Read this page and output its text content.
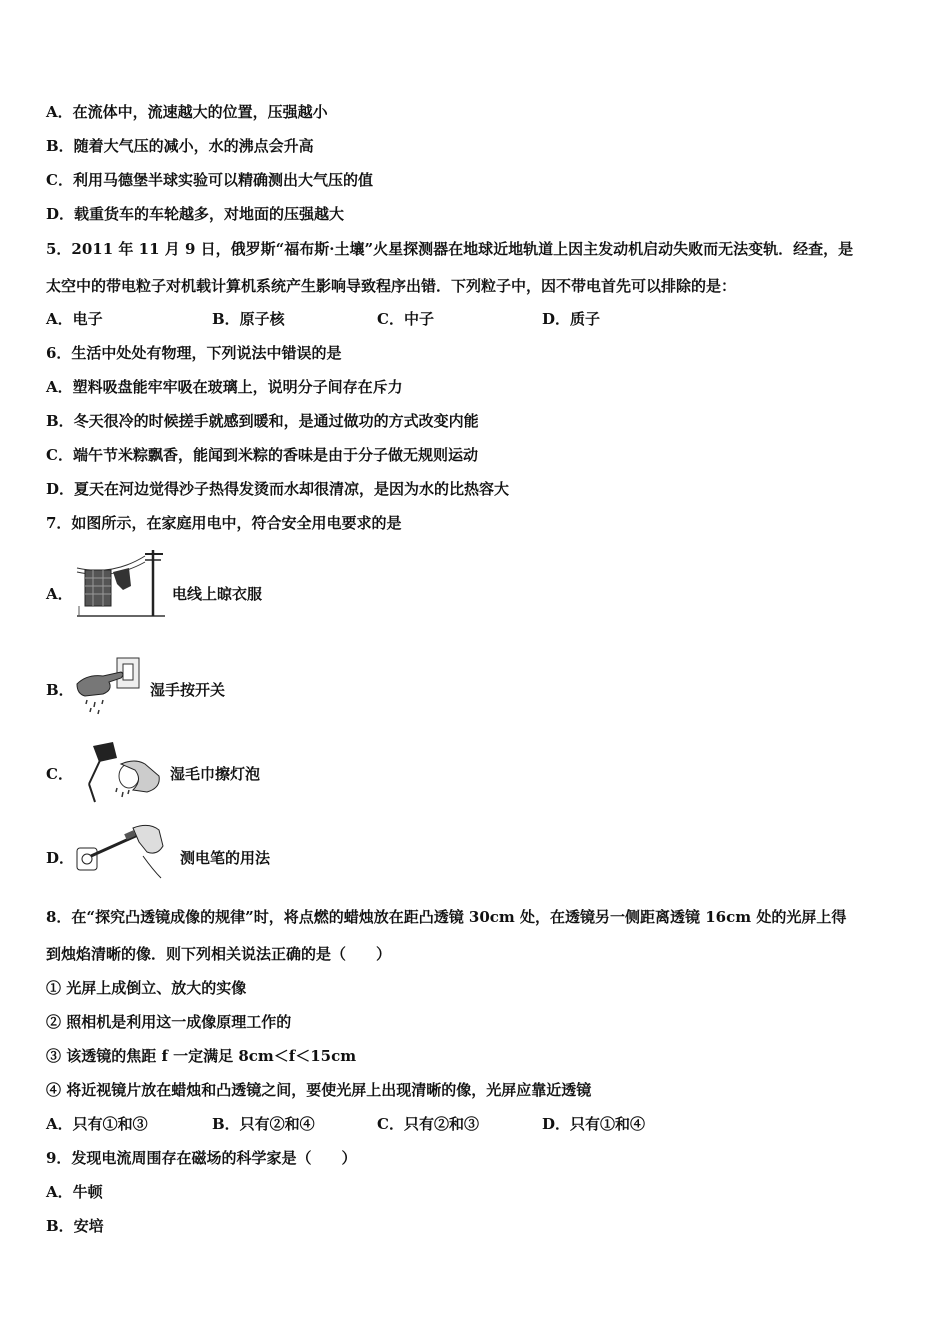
A．在流体中，流速越大的位置，压强越小
B．随着大气压的减小，水的沸点会升高
C．利用马德堡半球实验可以精确测出大气压的值
D．载重货车的车轮越多，对地面的压强越大
5．2011 年 11 月 9 日，俄罗斯“福布斯·土壤”火星探测器在地球近地轨道上因主发动机启动失败而无法变轨．经查，是
太空中的带电粒子对机载计算机系统产生影响导致程序出错．下列粒子中，因不带电首先可以排除的是：
A．电子	B．原子核	C．中子	D．质子
6．生活中处处有物理，下列说法中错误的是
A．塑料吸盘能牢牢吸在玻璃上，说明分子间存在斥力
B．冬天很冷的时候搓手就感到暖和，是通过做功的方式改变内能
C．端午节米粽飘香，能闻到米粽的香味是由于分子做无规则运动
D．夏天在河边觉得沙子热得发烫而水却很清凉，是因为水的比热容大
7．如图所示，在家庭用电中，符合安全用电要求的是
A．	电线上晾衣服
B．	湿手按开关
C．	湿毛巾擦灯泡
D．	测电笔的用法
8．在“探究凸透镜成像的规律”时，将点燃的蜡烛放在距凸透镜 30cm 处，在透镜另一侧距离透镜 16cm 处的光屏上得
到烛焰清晰的像．则下列相关说法正确的是（　　）
① 光屏上成倒立、放大的实像
② 照相机是利用这一成像原理工作的
③ 该透镜的焦距 f 一定满足 8cm＜f＜15cm
④ 将近视镜片放在蜡烛和凸透镜之间，要使光屏上出现清晰的像，光屏应靠近透镜
A．只有①和③	B．只有②和④	C．只有②和③	D．只有①和④
9．发现电流周围存在磁场的科学家是（　　）
A．牛顿
B．安培
